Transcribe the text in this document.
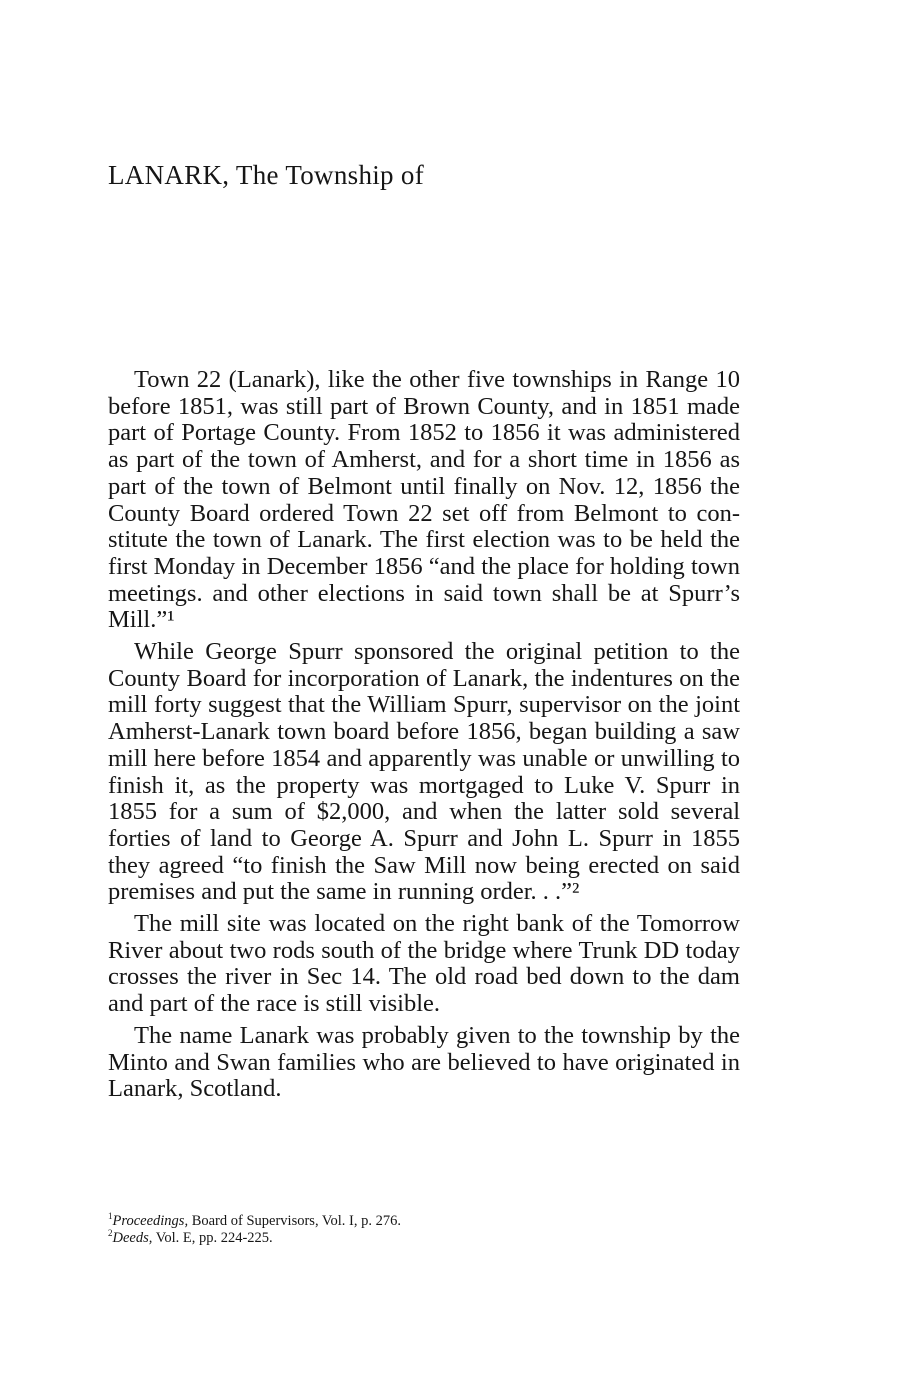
LANARK, The Township of

Town 22 (Lanark), like the other five townships in Range 10 before 1851, was still part of Brown County, and in 1851 made part of Portage County. From 1852 to 1856 it was administered as part of the town of Amherst, and for a short time in 1856 as part of the town of Belmont until finally on Nov. 12, 1856 the County Board ordered Town 22 set off from Belmont to constitute the town of Lanark. The first election was to be held the first Monday in December 1856 “and the place for holding town meetings. and other elections in said town shall be at Spurr’s Mill.”¹

While George Spurr sponsored the original petition to the County Board for incorporation of Lanark, the indentures on the mill forty suggest that the William Spurr, supervisor on the joint Amherst-Lanark town board before 1856, began building a saw mill here before 1854 and apparently was unable or unwilling to finish it, as the property was mortgaged to Luke V. Spurr in 1855 for a sum of $2,000, and when the latter sold several forties of land to George A. Spurr and John L. Spurr in 1855 they agreed “to finish the Saw Mill now being erected on said premises and put the same in running order. . .”²

The mill site was located on the right bank of the Tomorrow River about two rods south of the bridge where Trunk DD today crosses the river in Sec 14. The old road bed down to the dam and part of the race is still visible.

The name Lanark was probably given to the township by the Minto and Swan families who are believed to have originated in Lanark, Scotland.

$^1$Proceedings, Board of Supervisors, Vol. I, p. 276.

$^2$Deeds, Vol. E, pp. 224-225.
